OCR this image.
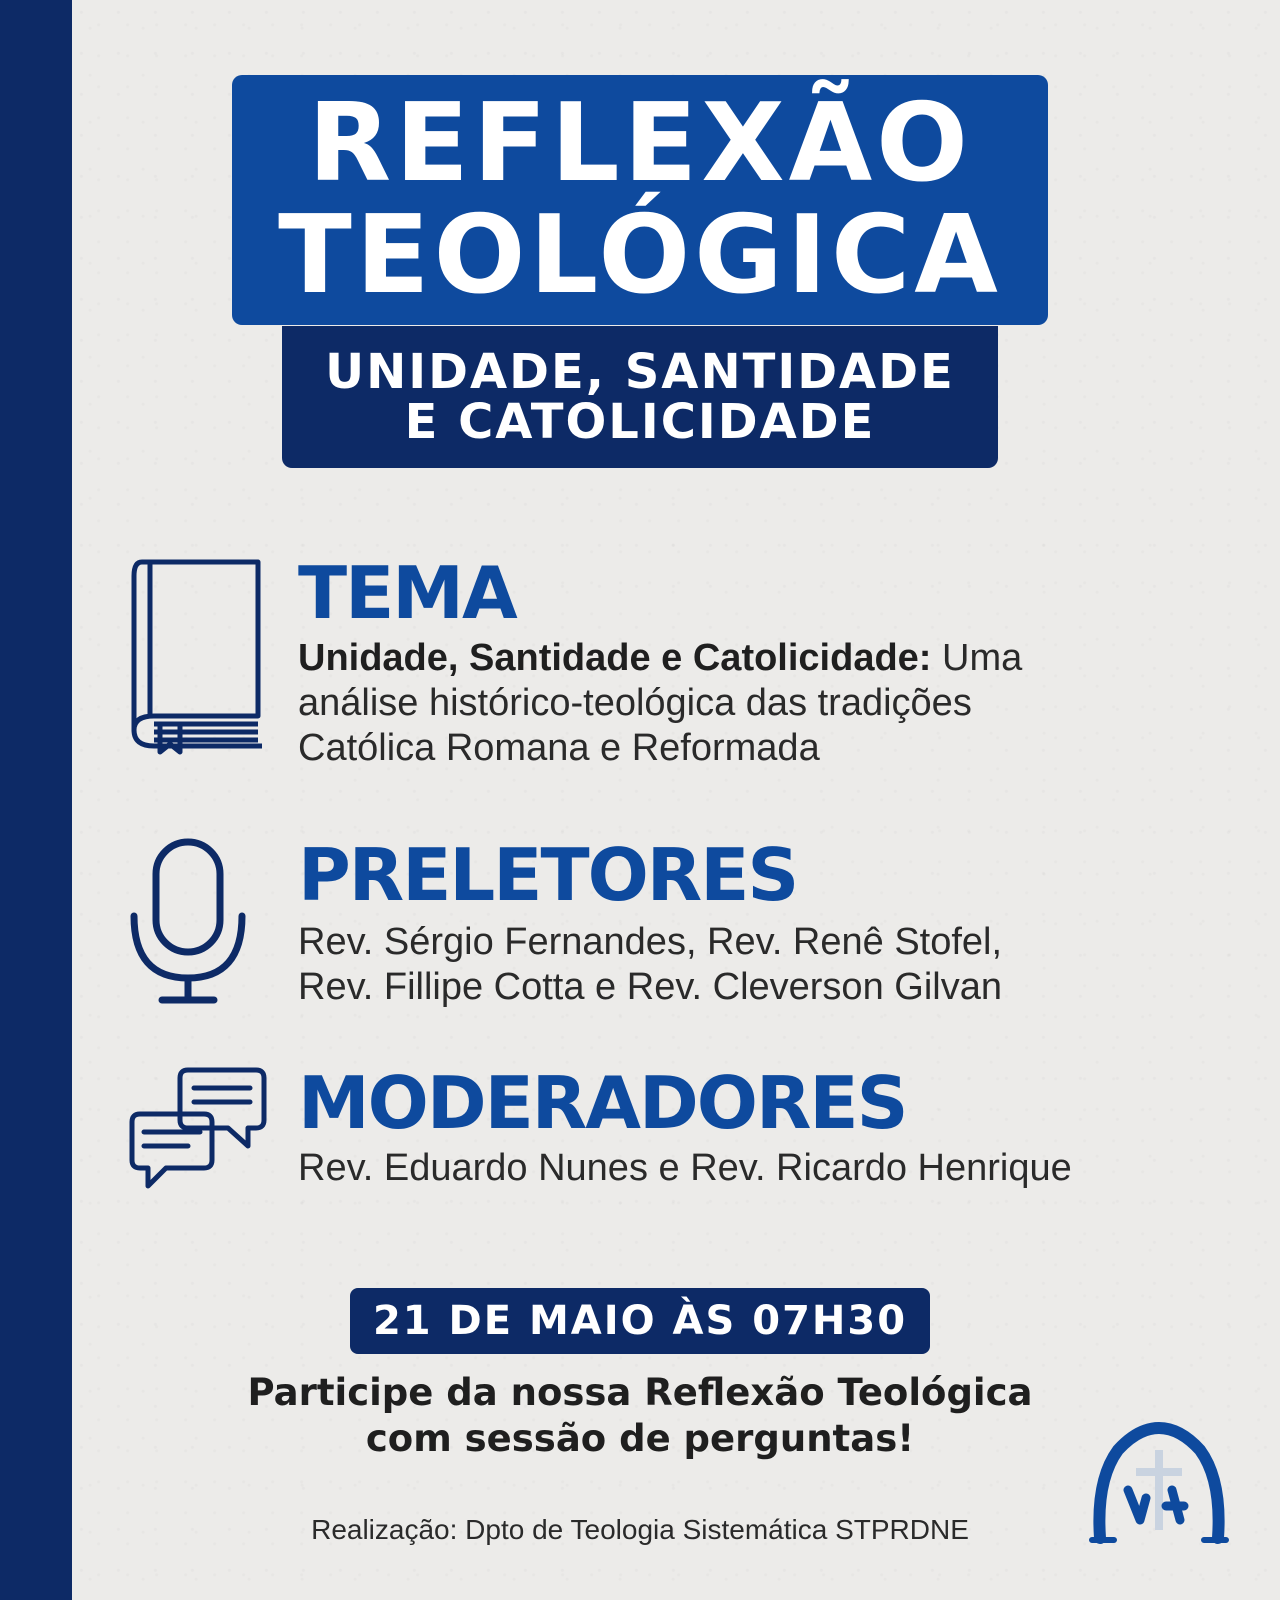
REFLEXÃO
TEOLÓGICA
UNIDADE, SANTIDADE
E CATOLICIDADE
TEMA
Unidade, Santidade e Catolicidade: Uma
análise histórico-teológica das tradições
Católica Romana e Reformada
PRELETORES
Rev. Sérgio Fernandes, Rev. Renê Stofel,
Rev. Fillipe Cotta e Rev. Cleverson Gilvan
MODERADORES
Rev. Eduardo Nunes e Rev. Ricardo Henrique
21 DE MAIO ÀS 07H30
Participe da nossa Reflexão Teológica
com sessão de perguntas!
Realização: Dpto de Teologia Sistemática STPRDNE
